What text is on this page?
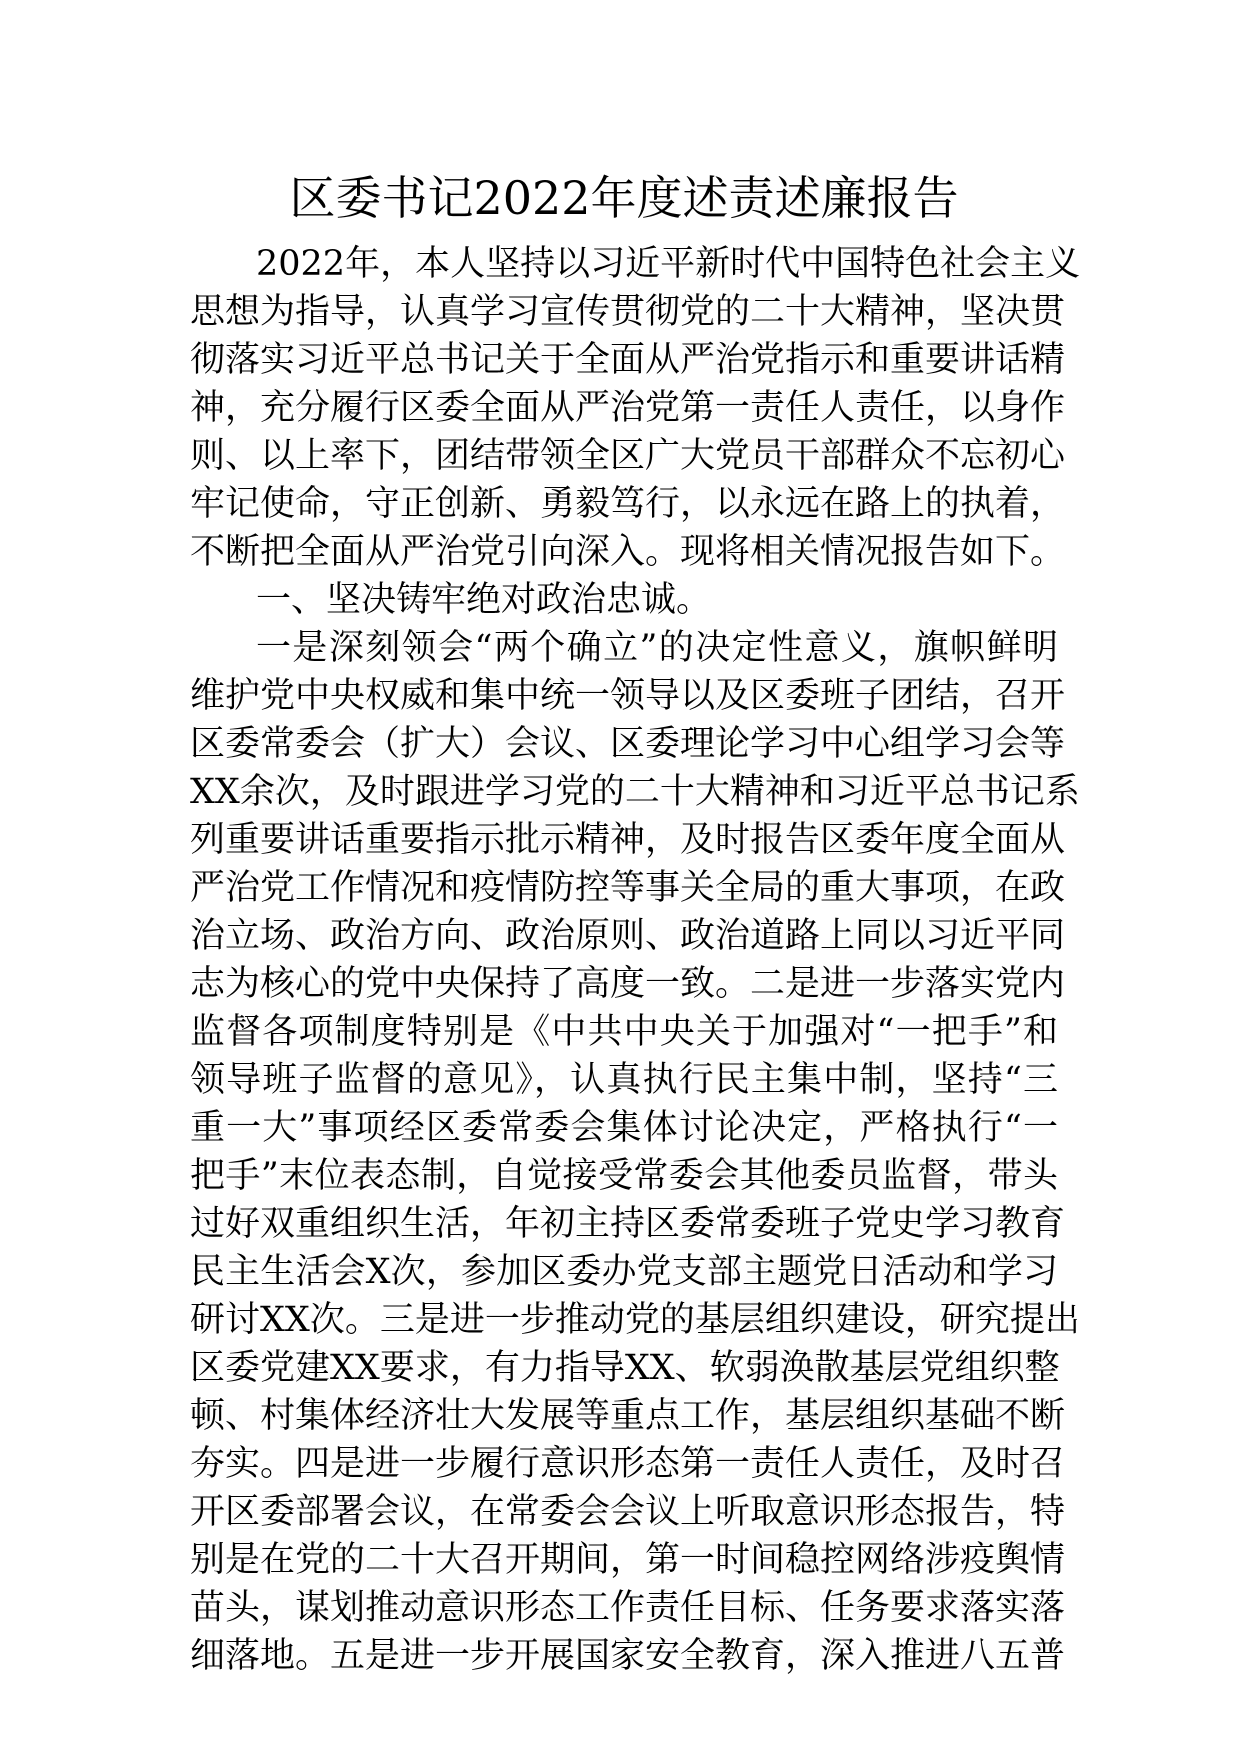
区委书记2022年度述责述廉报告
2022年，本人坚持以习近平新时代中国特色社会主义
思想为指导，认真学习宣传贯彻党的二十大精神，坚决贯
彻落实习近平总书记关于全面从严治党指示和重要讲话精
神，充分履行区委全面从严治党第一责任人责任，以身作
则、以上率下，团结带领全区广大党员干部群众不忘初心
牢记使命，守正创新、勇毅笃行，以永远在路上的执着，
不断把全面从严治党引向深入。现将相关情况报告如下。
一、坚决铸牢绝对政治忠诚。
一是深刻领会“两个确立”的决定性意义，旗帜鲜明
维护党中央权威和集中统一领导以及区委班子团结，召开
区委常委会（扩大）会议、区委理论学习中心组学习会等
XX余次，及时跟进学习党的二十大精神和习近平总书记系
列重要讲话重要指示批示精神，及时报告区委年度全面从
严治党工作情况和疫情防控等事关全局的重大事项，在政
治立场、政治方向、政治原则、政治道路上同以习近平同
志为核心的党中央保持了高度一致。二是进一步落实党内
监督各项制度特别是《中共中央关于加强对“一把手”和
领导班子监督的意见》，认真执行民主集中制，坚持“三
重一大”事项经区委常委会集体讨论决定，严格执行“一
把手”末位表态制，自觉接受常委会其他委员监督，带头
过好双重组织生活，年初主持区委常委班子党史学习教育
民主生活会X次，参加区委办党支部主题党日活动和学习
研讨XX次。三是进一步推动党的基层组织建设，研究提出
区委党建XX要求，有力指导XX、软弱涣散基层党组织整
顿、村集体经济壮大发展等重点工作，基层组织基础不断
夯实。四是进一步履行意识形态第一责任人责任，及时召
开区委部署会议，在常委会会议上听取意识形态报告，特
别是在党的二十大召开期间，第一时间稳控网络涉疫舆情
苗头，谋划推动意识形态工作责任目标、任务要求落实落
细落地。五是进一步开展国家安全教育，深入推进八五普
